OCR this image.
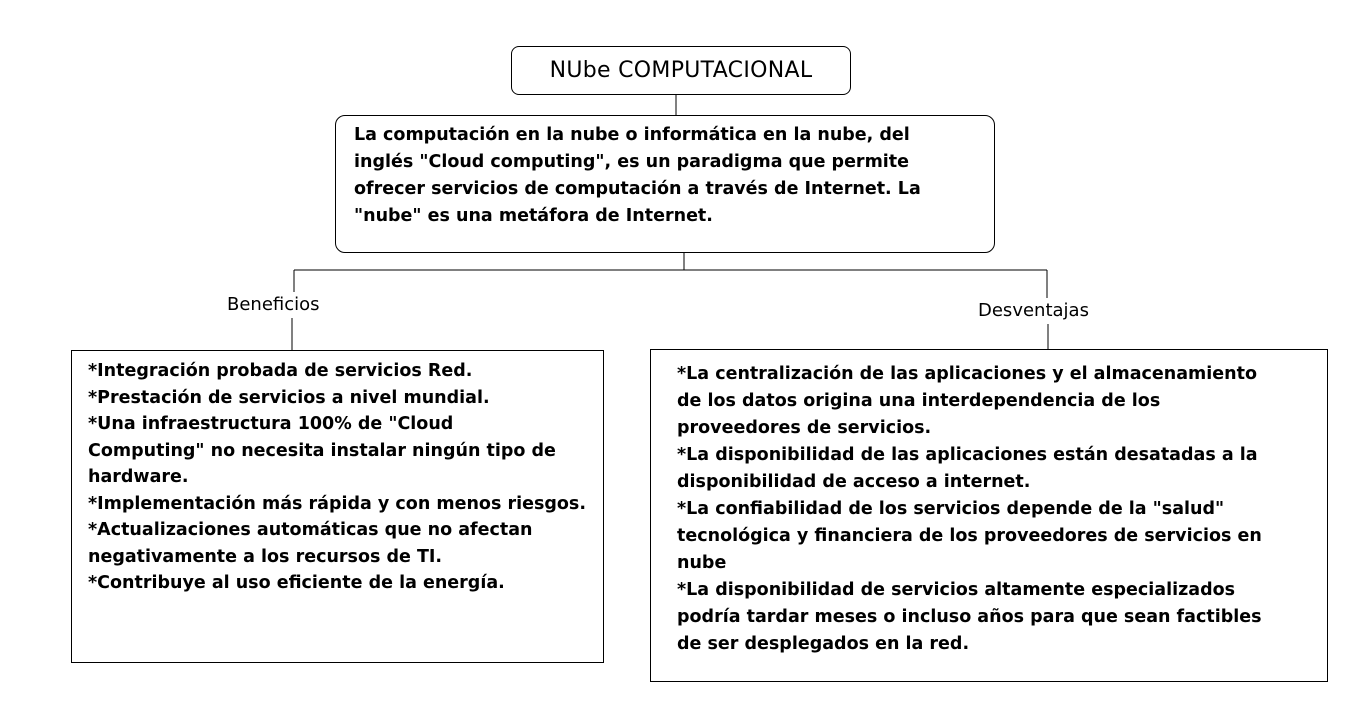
NUbe COMPUTACIONAL
La computación en la nube o informática en la nube, del
inglés "Cloud computing", es un paradigma que permite
ofrecer servicios de computación a través de Internet. La
"nube" es una metáfora de Internet.
Beneficios	Desventajas
*Integración probada de servicios Red.
*Prestación de servicios a nivel mundial.
*Una infraestructura 100% de "Cloud
Computing" no necesita instalar ningún tipo de
hardware.
*Implementación más rápida y con menos riesgos.
*Actualizaciones automáticas que no afectan
negativamente a los recursos de TI.
*Contribuye al uso eficiente de la energía.
*La centralización de las aplicaciones y el almacenamiento
de los datos origina una interdependencia de los
proveedores de servicios.
*La disponibilidad de las aplicaciones están desatadas a la
disponibilidad de acceso a internet.
*La confiabilidad de los servicios depende de la "salud"
tecnológica y financiera de los proveedores de servicios en
nube
*La disponibilidad de servicios altamente especializados
podría tardar meses o incluso años para que sean factibles
de ser desplegados en la red.
